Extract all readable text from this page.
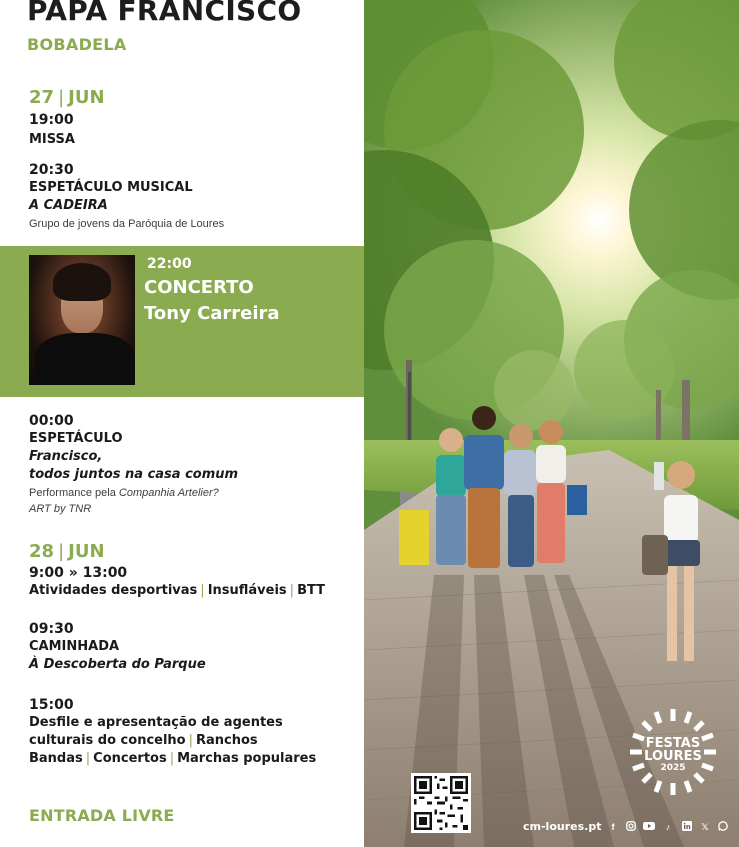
PAPA FRANCISCO
BOBADELA
27 | JUN
19:00
MISSA
20:30
ESPETÁCULO MUSICAL
A CADEIRA
Grupo de jovens da Paróquia de Loures
00:00
ESPETÁCULO
Francisco,
todos juntos na casa comum
Performance pela Companhia Artelier?
ART by TNR
28 | JUN
9:00 » 13:00
Atividades desportivas | Insufláveis | BTT
09:30
CAMINHADA
À Descoberta do Parque
15:00
Desfile e apresentação de agentes
culturais do concelho | Ranchos
Bandas | Concertos | Marchas populares
ENTRADA LIVRE
22:00
CONCERTO
Tony Carreira
FESTAS
LOURES
2025
cm-loures.pt	f	♪	𝕏
